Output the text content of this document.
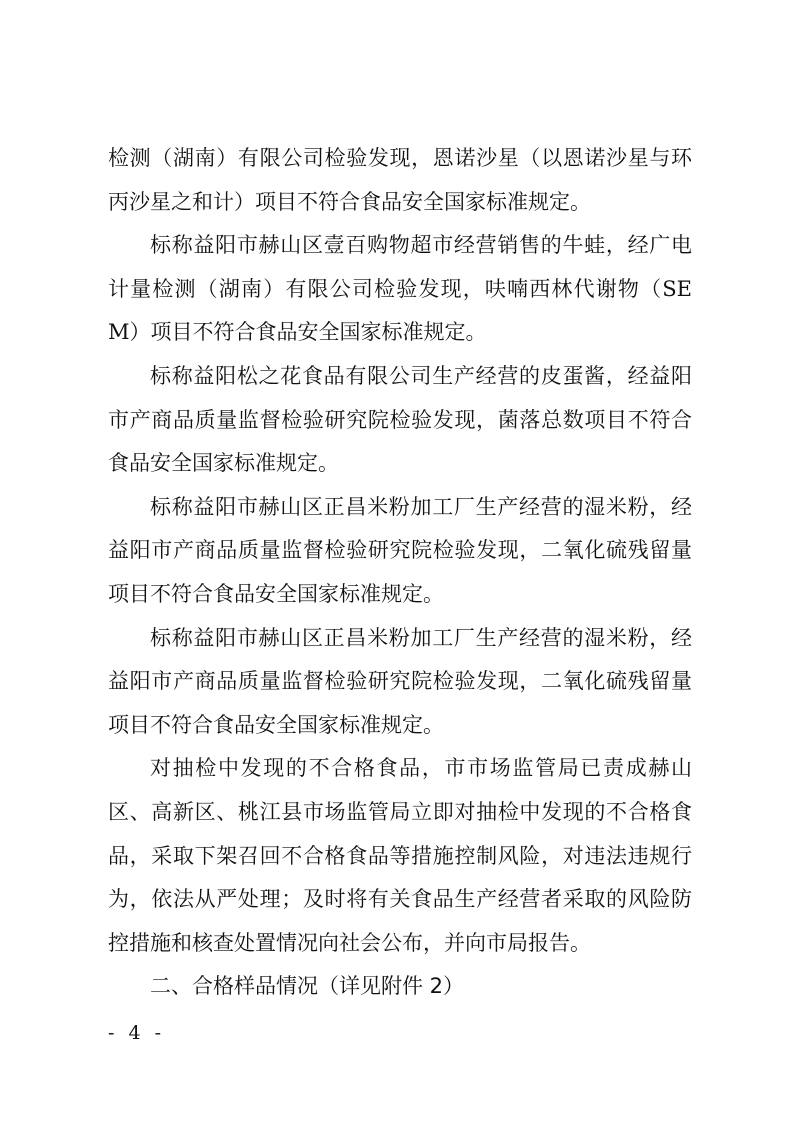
检测（湖南）有限公司检验发现，恩诺沙星（以恩诺沙星与环丙沙星之和计）项目不符合食品安全国家标准规定。

标称益阳市赫山区壹百购物超市经营销售的牛蛙，经广电计量检测（湖南）有限公司检验发现，呋喃西林代谢物（SEM）项目不符合食品安全国家标准规定。

标称益阳松之花食品有限公司生产经营的皮蛋酱，经益阳市产商品质量监督检验研究院检验发现，菌落总数项目不符合食品安全国家标准规定。

标称益阳市赫山区正昌米粉加工厂生产经营的湿米粉，经益阳市产商品质量监督检验研究院检验发现，二氧化硫残留量项目不符合食品安全国家标准规定。

标称益阳市赫山区正昌米粉加工厂生产经营的湿米粉，经益阳市产商品质量监督检验研究院检验发现，二氧化硫残留量项目不符合食品安全国家标准规定。

对抽检中发现的不合格食品，市市场监管局已责成赫山区、高新区、桃江县市场监管局立即对抽检中发现的不合格食品，采取下架召回不合格食品等措施控制风险，对违法违规行为，依法从严处理；及时将有关食品生产经营者采取的风险防控措施和核查处置情况向社会公布，并向市局报告。

二、合格样品情况（详见附件 2）

- 4 -
